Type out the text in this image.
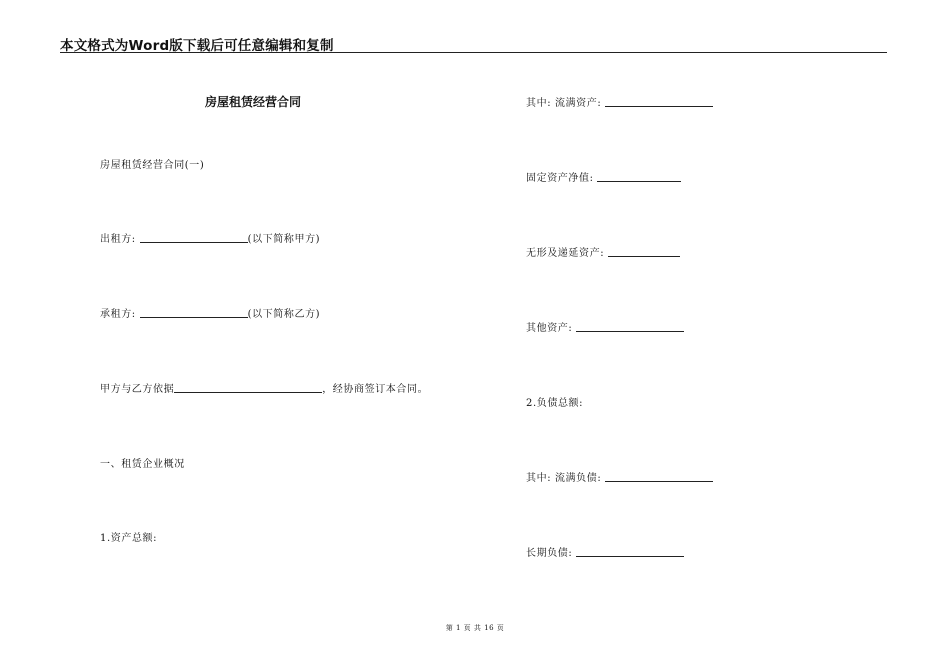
本文格式为Word版下载后可任意编辑和复制
房屋租赁经营合同
房屋租赁经营合同(一)
出租方:	(以下简称甲方)
承租方:	(以下简称乙方)
甲方与乙方依据	，经协商签订本合同。
一、租赁企业概况
1.资产总额:
其中: 流满资产:
固定资产净值:
无形及递延资产:
其他资产:
2.负债总额:
其中: 流满负债:
长期负债:
第 1 页 共 16 页
